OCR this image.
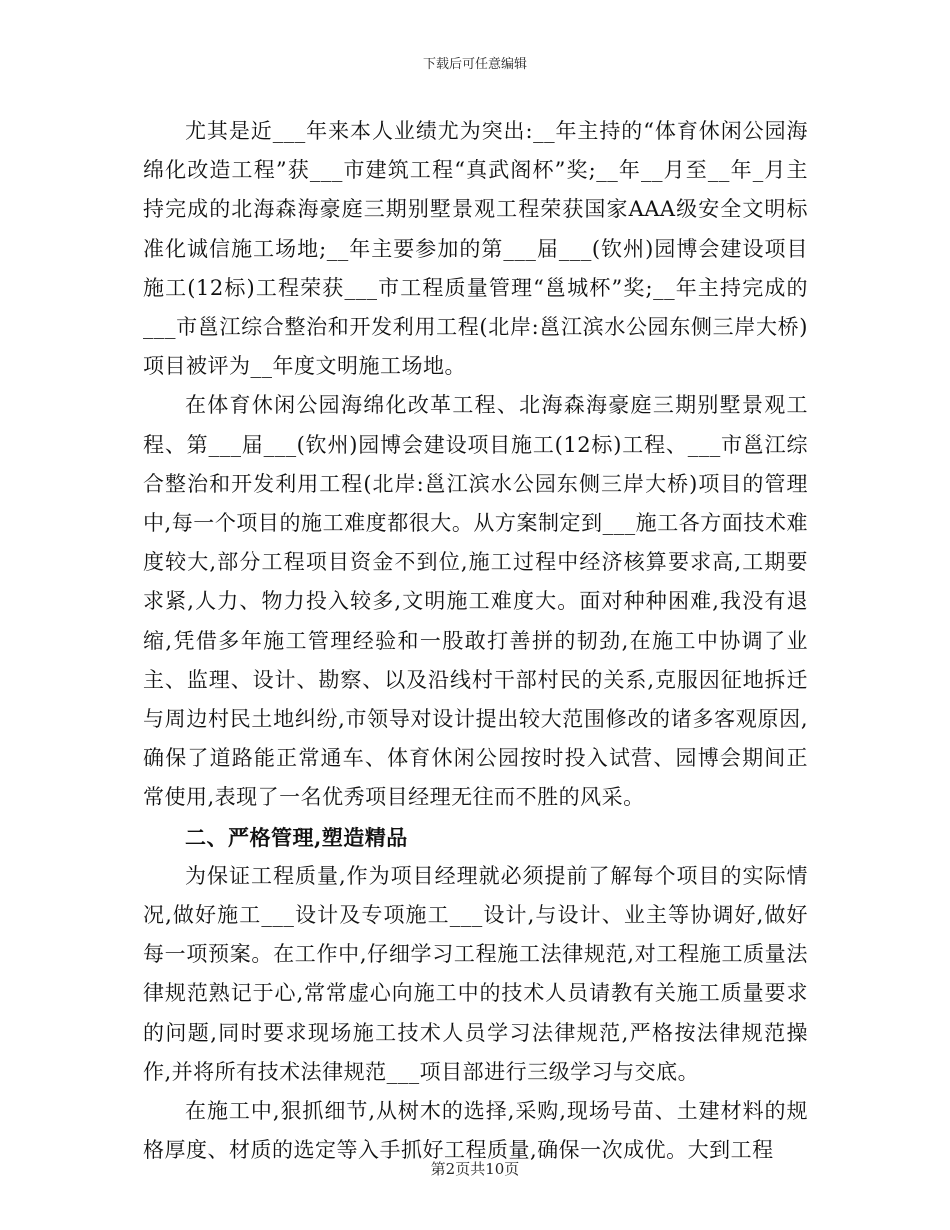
下载后可任意编辑

尤其是近___年来本人业绩尤为突出:__年主持的“体育休闲公园海绵化改造工程”获___市建筑工程“真武阁杯”奖;__年__月至__年_月主持完成的北海森海豪庭三期别墅景观工程荣获国家AAA级安全文明标准化诚信施工场地;__年主要参加的第___届___(钦州)园博会建设项目施工(12标)工程荣获___市工程质量管理“邕城杯”奖;__年主持完成的___市邕江综合整治和开发利用工程(北岸:邕江滨水公园东侧三岸大桥)项目被评为__年度文明施工场地。

在体育休闲公园海绵化改革工程、北海森海豪庭三期别墅景观工程、第___届___(钦州)园博会建设项目施工(12标)工程、___市邕江综合整治和开发利用工程(北岸:邕江滨水公园东侧三岸大桥)项目的管理中,每一个项目的施工难度都很大。从方案制定到___施工各方面技术难度较大,部分工程项目资金不到位,施工过程中经济核算要求高,工期要求紧,人力、物力投入较多,文明施工难度大。面对种种困难,我没有退缩,凭借多年施工管理经验和一股敢打善拼的韧劲,在施工中协调了业主、监理、设计、勘察、以及沿线村干部村民的关系,克服因征地拆迁与周边村民土地纠纷,市领导对设计提出较大范围修改的诸多客观原因,确保了道路能正常通车、体育休闲公园按时投入试营、园博会期间正常使用,表现了一名优秀项目经理无往而不胜的风采。

二、严格管理,塑造精品

为保证工程质量,作为项目经理就必须提前了解每个项目的实际情况,做好施工___设计及专项施工___设计,与设计、业主等协调好,做好每一项预案。在工作中,仔细学习工程施工法律规范,对工程施工质量法律规范熟记于心,常常虚心向施工中的技术人员请教有关施工质量要求的问题,同时要求现场施工技术人员学习法律规范,严格按法律规范操作,并将所有技术法律规范___项目部进行三级学习与交底。

在施工中,狠抓细节,从树木的选择,采购,现场号苗、土建材料的规格厚度、材质的选定等入手抓好工程质量,确保一次成优。大到工程

第2页共10页
